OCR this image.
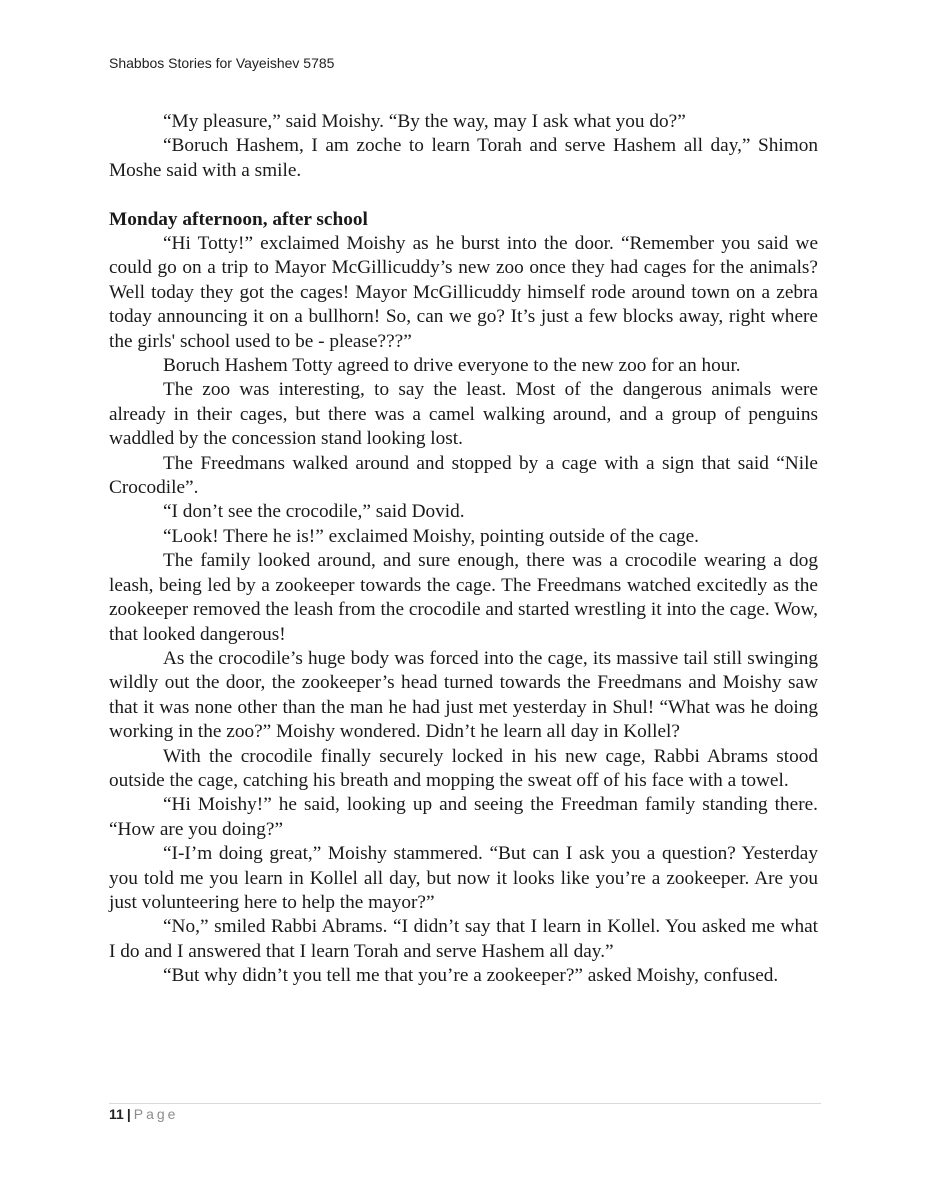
Shabbos Stories for Vayeishev 5785

“My pleasure,” said Moishy. “By the way, may I ask what you do?”

“Boruch Hashem, I am zoche to learn Torah and serve Hashem all day,” Shimon Moshe said with a smile.

Monday afternoon, after school

“Hi Totty!” exclaimed Moishy as he burst into the door. “Remember you said we could go on a trip to Mayor McGillicuddy’s new zoo once they had cages for the animals? Well today they got the cages! Mayor McGillicuddy himself rode around town on a zebra today announcing it on a bullhorn! So, can we go? It’s just a few blocks away, right where the girls' school used to be - please???”

Boruch Hashem Totty agreed to drive everyone to the new zoo for an hour.

The zoo was interesting, to say the least. Most of the dangerous animals were already in their cages, but there was a camel walking around, and a group of penguins waddled by the concession stand looking lost.

The Freedmans walked around and stopped by a cage with a sign that said “Nile Crocodile”.

“I don’t see the crocodile,” said Dovid.

“Look! There he is!” exclaimed Moishy, pointing outside of the cage.

The family looked around, and sure enough, there was a crocodile wearing a dog leash, being led by a zookeeper towards the cage. The Freedmans watched excitedly as the zookeeper removed the leash from the crocodile and started wrestling it into the cage. Wow, that looked dangerous!

As the crocodile’s huge body was forced into the cage, its massive tail still swinging wildly out the door, the zookeeper’s head turned towards the Freedmans and Moishy saw that it was none other than the man he had just met yesterday in Shul! “What was he doing working in the zoo?” Moishy wondered. Didn’t he learn all day in Kollel?

With the crocodile finally securely locked in his new cage, Rabbi Abrams stood outside the cage, catching his breath and mopping the sweat off of his face with a towel.

“Hi Moishy!” he said, looking up and seeing the Freedman family standing there. “How are you doing?”

“I-I’m doing great,” Moishy stammered. “But can I ask you a question? Yesterday you told me you learn in Kollel all day, but now it looks like you’re a zookeeper. Are you just volunteering here to help the mayor?”

“No,” smiled Rabbi Abrams. “I didn’t say that I learn in Kollel. You asked me what I do and I answered that I learn Torah and serve Hashem all day.”

“But why didn’t you tell me that you’re a zookeeper?” asked Moishy, confused.

11 | Page
